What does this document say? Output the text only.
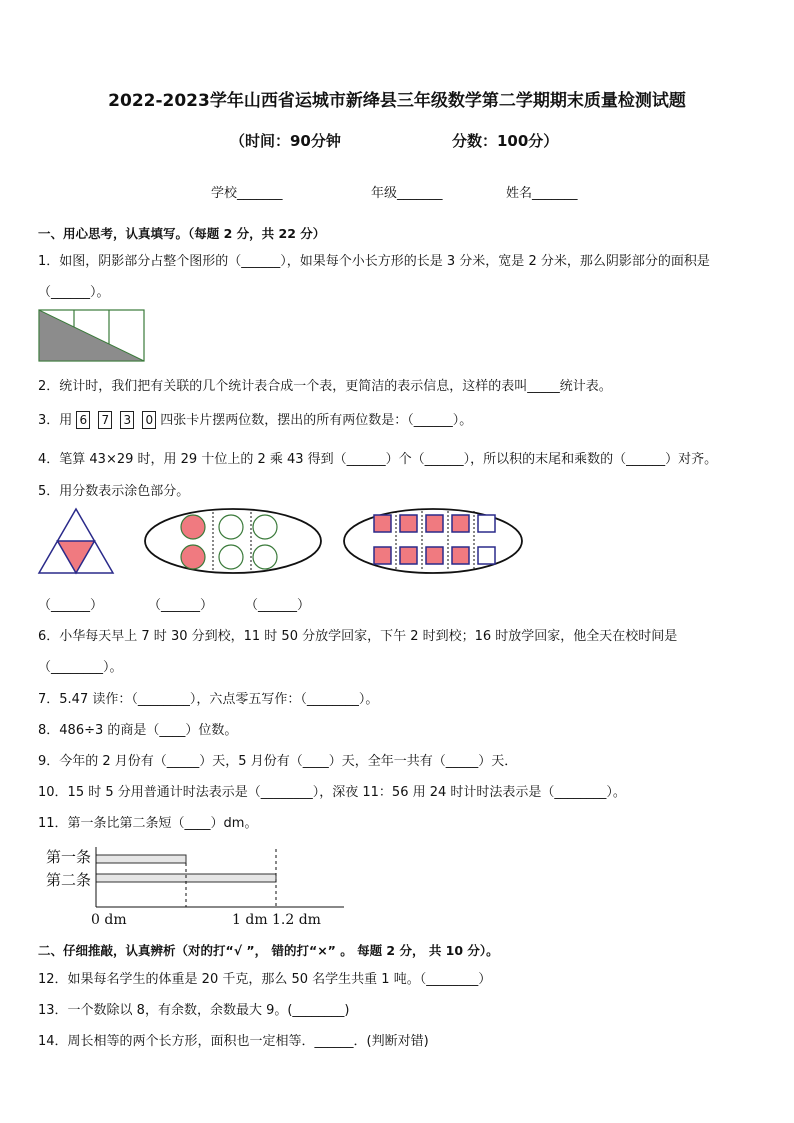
2022-2023学年山西省运城市新绛县三年级数学第二学期期末质量检测试题
（时间：90分钟	分数：100分）
学校_______	年级_______	姓名_______
一、用心思考，认真填写。（每题 2 分，共 22 分）
1．如图，阴影部分占整个图形的（______），如果每个小长方形的长是 3 分米，宽是 2 分米，那么阴影部分的面积是
（______）。
2．统计时，我们把有关联的几个统计表合成一个表，更简洁的表示信息，这样的表叫_____统计表。
3．用 6 7 3 0 四张卡片摆两位数，摆出的所有两位数是：（______）。
4．笔算 43×29 时，用 29 十位上的 2 乘 43 得到（______）个（______），所以积的末尾和乘数的（______）对齐。
5．用分数表示涂色部分。
（______）	（______） （______）
6．小华每天早上 7 时 30 分到校，11 时 50 分放学回家，下午 2 时到校；16 时放学回家，他全天在校时间是
（________）。
7．5.47 读作：（________），六点零五写作：（________）。
8．486÷3 的商是（____）位数。
9．今年的 2 月份有（_____）天，5 月份有（____）天，全年一共有（_____）天．
10．15 时 5 分用普通计时法表示是（________），深夜 11：56 用 24 时计时法表示是（________）。
11．第一条比第二条短（____）dm。
第一条
第二条
0 dm	1 dm 1.2 dm
二、仔细推敲，认真辨析（对的打“√ ”， 错的打“×” 。 每题 2 分， 共 10 分）。
12．如果每名学生的体重是 20 千克，那么 50 名学生共重 1 吨。（________）
13．一个数除以 8，有余数，余数最大 9。(________)
14．周长相等的两个长方形，面积也一定相等．______．(判断对错)
